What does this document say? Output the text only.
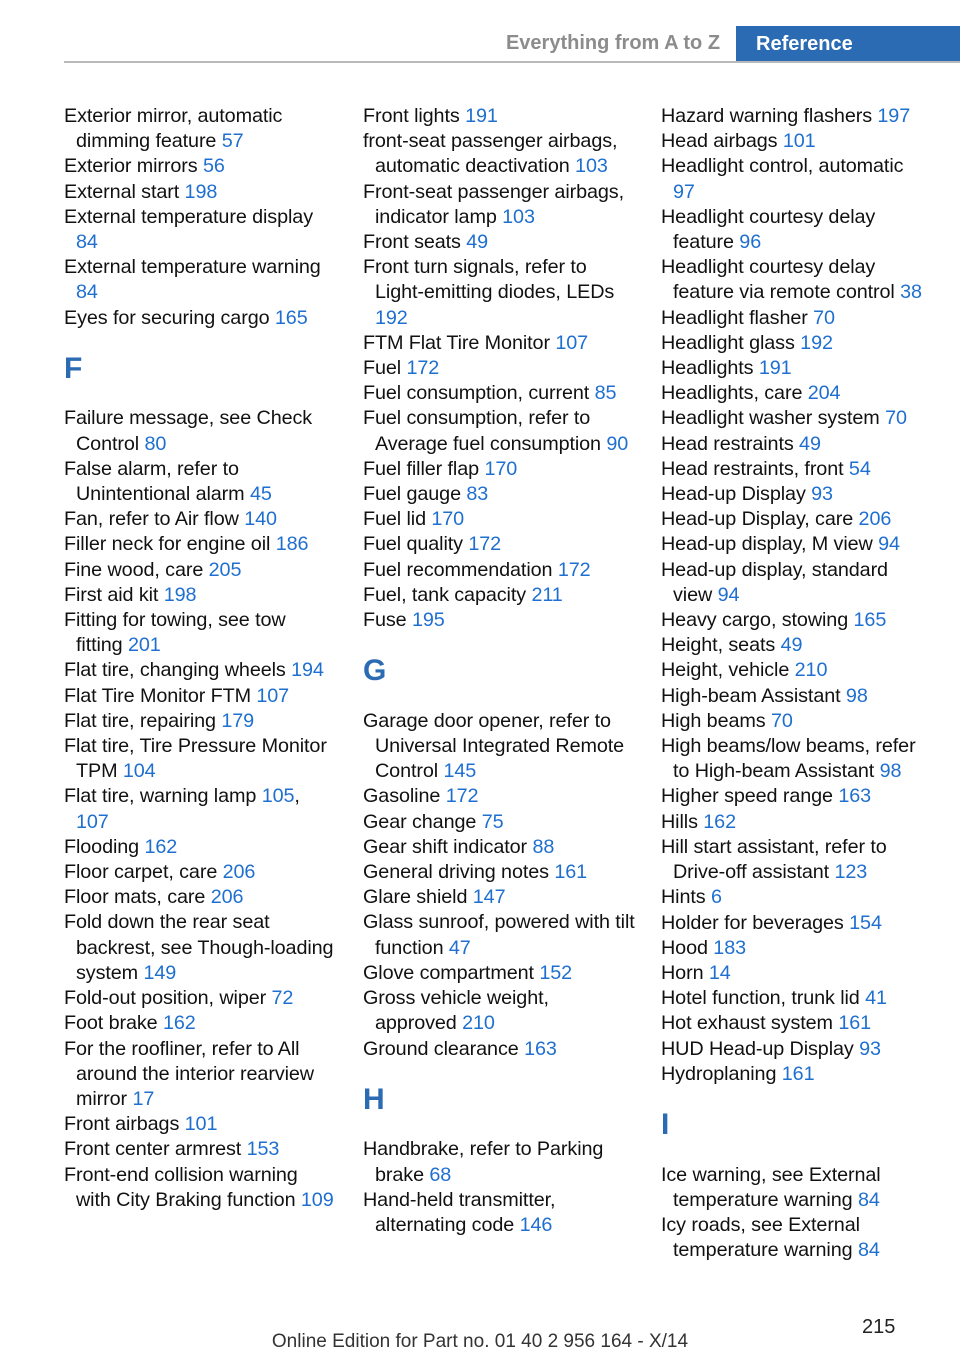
Everything from A to Z	Reference
Exterior mirror, automatic dimming feature 57
Exterior mirrors 56
External start 198
External temperature display 84
External temperature warning 84
Eyes for securing cargo 165
F
Failure message, see Check Control 80
False alarm, refer to Unintentional alarm 45
Fan, refer to Air flow 140
Filler neck for engine oil 186
Fine wood, care 205
First aid kit 198
Fitting for towing, see tow fitting 201
Flat tire, changing wheels 194
Flat Tire Monitor FTM 107
Flat tire, repairing 179
Flat tire, Tire Pressure Monitor TPM 104
Flat tire, warning lamp 105, 107
Flooding 162
Floor carpet, care 206
Floor mats, care 206
Fold down the rear seat backrest, see Though-loading system 149
Fold-out position, wiper 72
Foot brake 162
For the roofliner, refer to All around the interior rearview mirror 17
Front airbags 101
Front center armrest 153
Front-end collision warning with City Braking function 109
Front lights 191
front-seat passenger airbags, automatic deactivation 103
Front-seat passenger airbags, indicator lamp 103
Front seats 49
Front turn signals, refer to Light-emitting diodes, LEDs 192
FTM Flat Tire Monitor 107
Fuel 172
Fuel consumption, current 85
Fuel consumption, refer to Average fuel consumption 90
Fuel filler flap 170
Fuel gauge 83
Fuel lid 170
Fuel quality 172
Fuel recommendation 172
Fuel, tank capacity 211
Fuse 195
G
Garage door opener, refer to Universal Integrated Remote Control 145
Gasoline 172
Gear change 75
Gear shift indicator 88
General driving notes 161
Glare shield 147
Glass sunroof, powered with tilt function 47
Glove compartment 152
Gross vehicle weight, approved 210
Ground clearance 163
H
Handbrake, refer to Parking brake 68
Hand-held transmitter, alternating code 146
Hazard warning flashers 197
Head airbags 101
Headlight control, automatic 97
Headlight courtesy delay feature 96
Headlight courtesy delay feature via remote control 38
Headlight flasher 70
Headlight glass 192
Headlights 191
Headlights, care 204
Headlight washer system 70
Head restraints 49
Head restraints, front 54
Head-up Display 93
Head-up Display, care 206
Head-up display, M view 94
Head-up display, standard view 94
Heavy cargo, stowing 165
Height, seats 49
Height, vehicle 210
High-beam Assistant 98
High beams 70
High beams/low beams, refer to High-beam Assistant 98
Higher speed range 163
Hills 162
Hill start assistant, refer to Drive-off assistant 123
Hints 6
Holder for beverages 154
Hood 183
Horn 14
Hotel function, trunk lid 41
Hot exhaust system 161
HUD Head-up Display 93
Hydroplaning 161
I
Ice warning, see External temperature warning 84
Icy roads, see External temperature warning 84
215
Online Edition for Part no. 01 40 2 956 164 - X/14
